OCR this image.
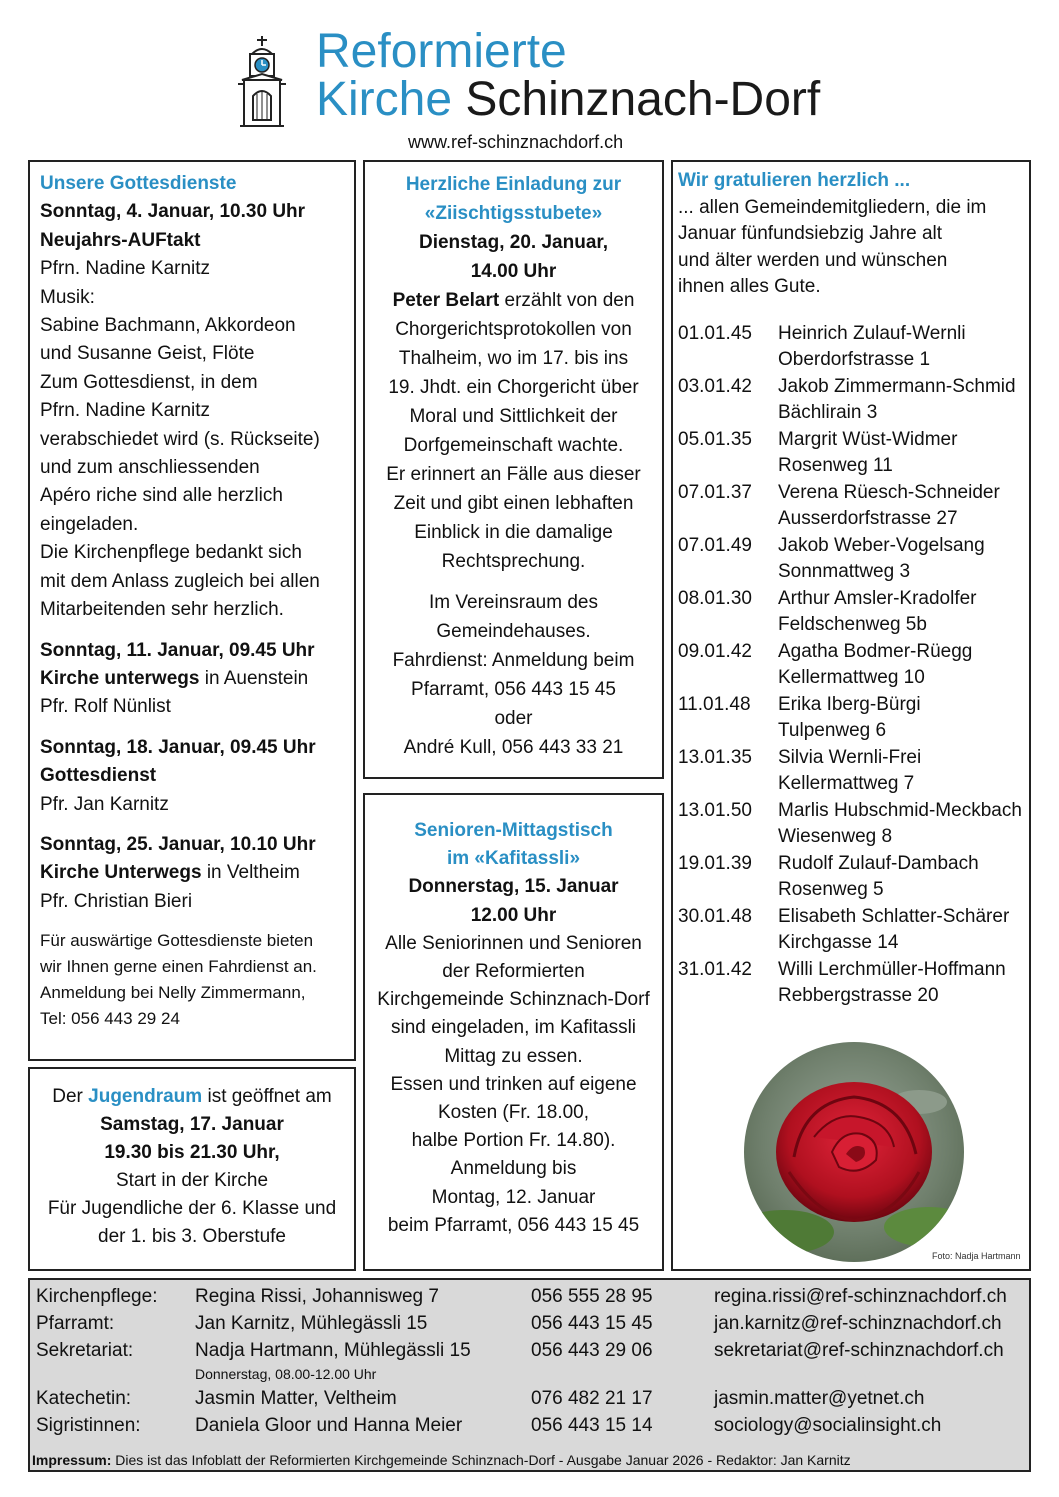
Reformierte
Kirche Schinznach-Dorf
www.ref-schinznachdorf.ch

Unsere Gottesdienste

Sonntag, 4. Januar, 10.30 Uhr

Neujahrs-AUFtakt

Pfrn. Nadine Karnitz

Musik:

Sabine Bachmann, Akkordeon

und Susanne Geist, Flöte

Zum Gottesdienst, in dem

Pfrn. Nadine Karnitz

verabschiedet wird (s. Rückseite)

und zum anschliessenden

Apéro riche sind alle herzlich

eingeladen.

Die Kirchenpflege bedankt sich

mit dem Anlass zugleich bei allen

Mitarbeitenden sehr herzlich.

Sonntag, 11. Januar, 09.45 Uhr

Kirche unterwegs in Auenstein

Pfr. Rolf Nünlist

Sonntag, 18. Januar, 09.45 Uhr

Gottesdienst

Pfr. Jan Karnitz

Sonntag, 25. Januar, 10.10 Uhr

Kirche Unterwegs in Veltheim

Pfr. Christian Bieri

Für auswärtige Gottesdienste bieten

wir Ihnen gerne einen Fahrdienst an.

Anmeldung bei Nelly Zimmermann,

Tel: 056 443 29 24

Der Jugendraum ist geöffnet am

Samstag, 17. Januar

19.30 bis 21.30 Uhr,

Start in der Kirche

Für Jugendliche der 6. Klasse und

der 1. bis 3. Oberstufe

Herzliche Einladung zur

«Ziischtigsstubete»

Dienstag, 20. Januar,

14.00 Uhr

Peter Belart erzählt von den

Chorgerichtsprotokollen von

Thalheim, wo im 17. bis ins

19. Jhdt. ein Chorgericht über

Moral und Sittlichkeit der

Dorfgemeinschaft wachte.

Er erinnert an Fälle aus dieser

Zeit und gibt einen lebhaften

Einblick in die damalige

Rechtsprechung.

Im Vereinsraum des

Gemeindehauses.

Fahrdienst: Anmeldung beim

Pfarramt, 056 443 15 45

oder

André Kull, 056 443 33 21

Senioren-Mittagstisch

im «Kafitassli»

Donnerstag, 15. Januar

12.00 Uhr

Alle Seniorinnen und Senioren

der Reformierten

Kirchgemeinde Schinznach-Dorf

sind eingeladen, im Kafitassli

Mittag zu essen.

Essen und trinken auf eigene

Kosten (Fr. 18.00,

halbe Portion Fr. 14.80).

Anmeldung bis

Montag, 12. Januar

beim Pfarramt, 056 443 15 45

Wir gratulieren herzlich ...

... allen Gemeindemitgliedern, die im

Januar fünfundsiebzig Jahre alt

und älter werden und wünschen

ihnen alles Gute.

01.01.45	Heinrich Zulauf-Wernli
Oberdorfstrasse 1
03.01.42	Jakob Zimmermann-Schmid
Bächlirain 3
05.01.35	Margrit Wüst-Widmer
Rosenweg 11
07.01.37	Verena Rüesch-Schneider
Ausserdorfstrasse 27
07.01.49	Jakob Weber-Vogelsang
Sonnmattweg 3
08.01.30	Arthur Amsler-Kradolfer
Feldschenweg 5b
09.01.42	Agatha Bodmer-Rüegg
Kellermattweg 10
11.01.48	Erika Iberg-Bürgi
Tulpenweg 6
13.01.35	Silvia Wernli-Frei
Kellermattweg 7
13.01.50	Marlis Hubschmid-Meckbach
Wiesenweg 8
19.01.39	Rudolf Zulauf-Dambach
Rosenweg 5
30.01.48	Elisabeth Schlatter-Schärer
Kirchgasse 14
31.01.42	Willi Lerchmüller-Hoffmann
Rebbergstrasse 20
Foto: Nadja Hartmann
Kirchenpflege: Regina Rissi, Johannisweg 7	056 555 28 95	regina.rissi@ref-schinznachdorf.ch
Pfarramt:	Jan Karnitz, Mühlegässli 15	056 443 15 45	jan.karnitz@ref-schinznachdorf.ch
Sekretariat:	Nadja Hartmann, Mühlegässli 15	056 443 29 06	sekretariat@ref-schinznachdorf.ch
Katechetin:	Jasmin Matter, Veltheim	076 482 21 17	jasmin.matter@yetnet.ch
Sigristinnen:	Daniela Gloor und Hanna Meier	056 443 15 14	sociology@socialinsight.ch
Donnerstag, 08.00-12.00 Uhr
Impressum: Dies ist das Infoblatt der Reformierten Kirchgemeinde Schinznach-Dorf - Ausgabe Januar 2026 - Redaktor: Jan Karnitz
